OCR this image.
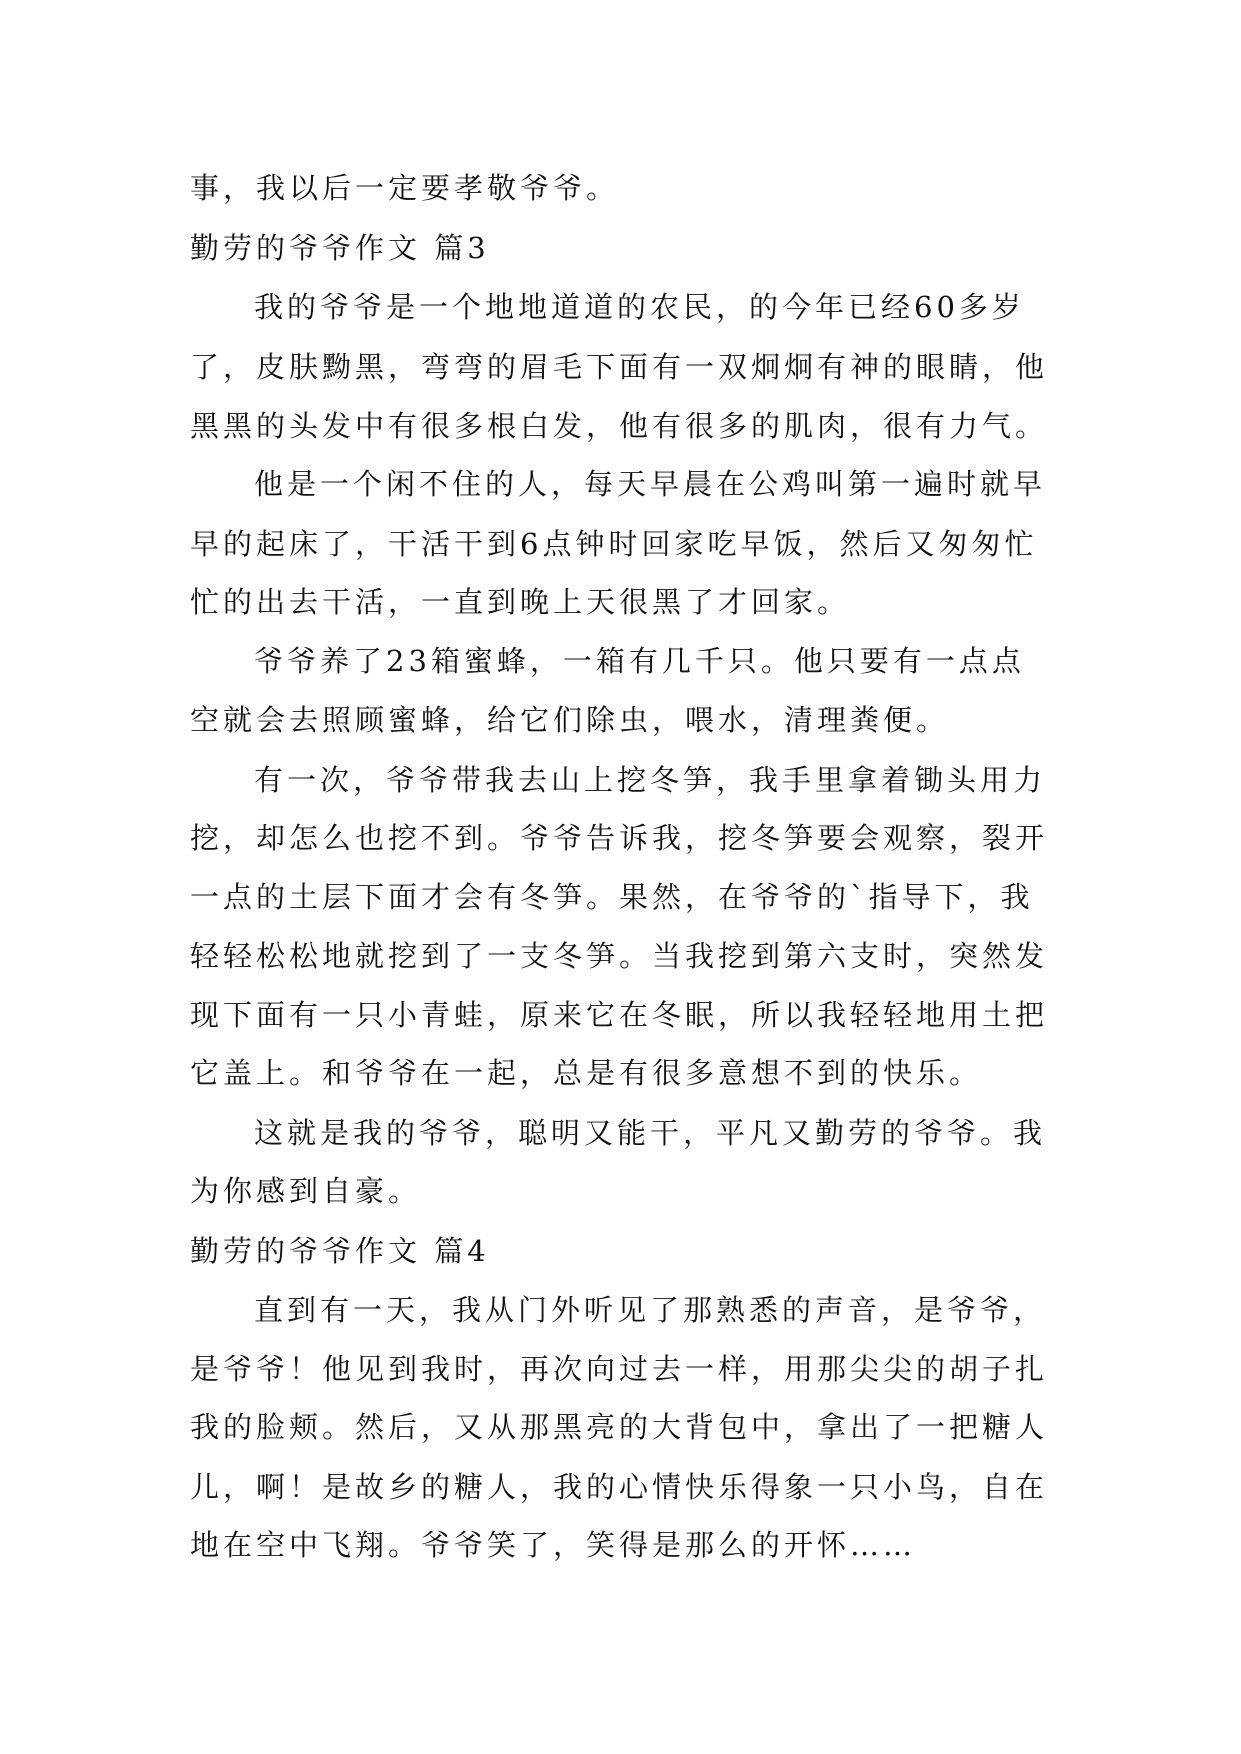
事，我以后一定要孝敬爷爷。
勤劳的爷爷作文 篇3
我的爷爷是一个地地道道的农民，的今年已经60多岁
了，皮肤黝黑，弯弯的眉毛下面有一双炯炯有神的眼睛，他
黑黑的头发中有很多根白发，他有很多的肌肉，很有力气。
他是一个闲不住的人，每天早晨在公鸡叫第一遍时就早
早的起床了，干活干到6点钟时回家吃早饭，然后又匆匆忙
忙的出去干活，一直到晚上天很黑了才回家。
爷爷养了23箱蜜蜂，一箱有几千只。他只要有一点点
空就会去照顾蜜蜂，给它们除虫，喂水，清理粪便。
有一次，爷爷带我去山上挖冬笋，我手里拿着锄头用力
挖，却怎么也挖不到。爷爷告诉我，挖冬笋要会观察，裂开
一点的土层下面才会有冬笋。果然，在爷爷的`指导下，我
轻轻松松地就挖到了一支冬笋。当我挖到第六支时，突然发
现下面有一只小青蛙，原来它在冬眠，所以我轻轻地用土把
它盖上。和爷爷在一起，总是有很多意想不到的快乐。
这就是我的爷爷，聪明又能干，平凡又勤劳的爷爷。我
为你感到自豪。
勤劳的爷爷作文 篇4
直到有一天，我从门外听见了那熟悉的声音，是爷爷，
是爷爷！他见到我时，再次向过去一样，用那尖尖的胡子扎
我的脸颊。然后，又从那黑亮的大背包中，拿出了一把糖人
儿，啊！是故乡的糖人，我的心情快乐得象一只小鸟，自在
地在空中飞翔。爷爷笑了，笑得是那么的开怀……
